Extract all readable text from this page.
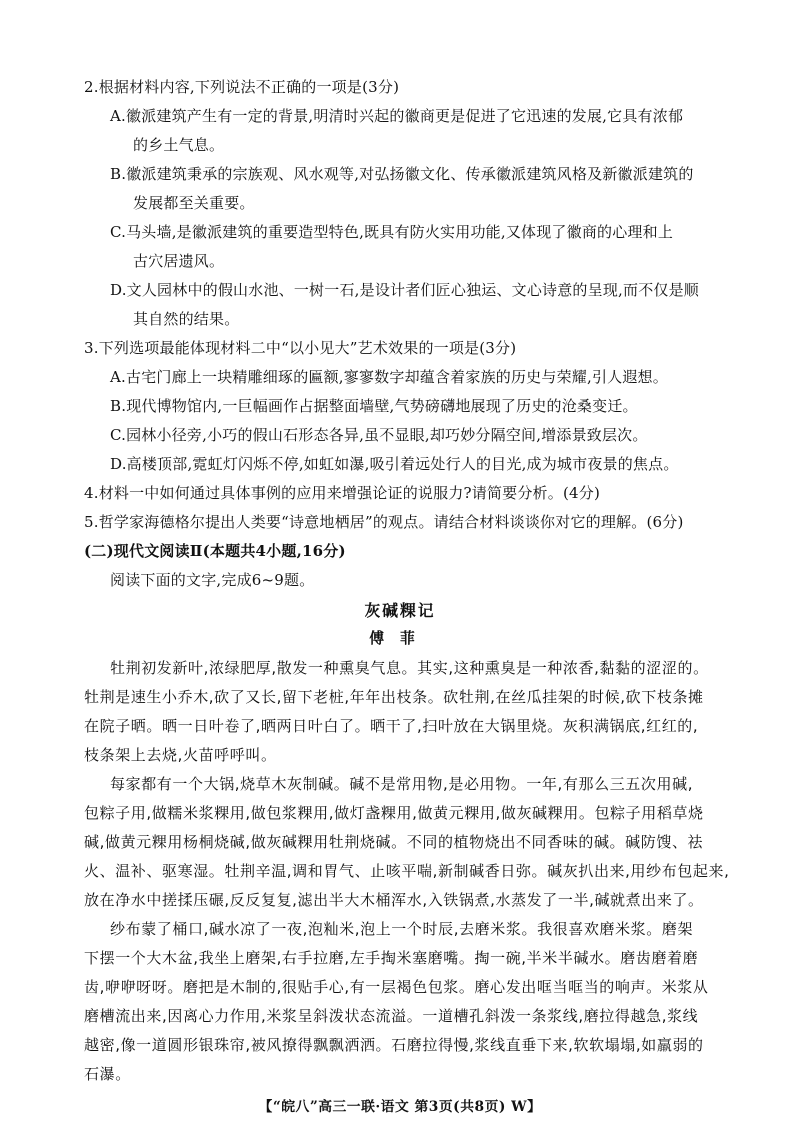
2.根据材料内容,下列说法不正确的一项是(3分)
A.徽派建筑产生有一定的背景,明清时兴起的徽商更是促进了它迅速的发展,它具有浓郁
的乡土气息。
B.徽派建筑秉承的宗族观、风水观等,对弘扬徽文化、传承徽派建筑风格及新徽派建筑的
发展都至关重要。
C.马头墙,是徽派建筑的重要造型特色,既具有防火实用功能,又体现了徽商的心理和上
古穴居遗风。
D.文人园林中的假山水池、一树一石,是设计者们匠心独运、文心诗意的呈现,而不仅是顺
其自然的结果。
3.下列选项最能体现材料二中“以小见大”艺术效果的一项是(3分)
A.古宅门廊上一块精雕细琢的匾额,寥寥数字却蕴含着家族的历史与荣耀,引人遐想。
B.现代博物馆内,一巨幅画作占据整面墙壁,气势磅礴地展现了历史的沧桑变迁。
C.园林小径旁,小巧的假山石形态各异,虽不显眼,却巧妙分隔空间,增添景致层次。
D.高楼顶部,霓虹灯闪烁不停,如虹如瀑,吸引着远处行人的目光,成为城市夜景的焦点。
4.材料一中如何通过具体事例的应用来增强论证的说服力?请简要分析。(4分)
5.哲学家海德格尔提出人类要“诗意地栖居”的观点。请结合材料谈谈你对它的理解。(6分)
(二)现代文阅读Ⅱ(本题共4小题,16分)
阅读下面的文字,完成6~9题。
灰碱粿记
傅菲
牡荆初发新叶,浓绿肥厚,散发一种熏臭气息。其实,这种熏臭是一种浓香,黏黏的涩涩的。
牡荆是速生小乔木,砍了又长,留下老桩,年年出枝条。砍牡荆,在丝瓜挂架的时候,砍下枝条摊
在院子晒。晒一日叶卷了,晒两日叶白了。晒干了,扫叶放在大锅里烧。灰积满锅底,红红的,
枝条架上去烧,火苗呼呼叫。
每家都有一个大锅,烧草木灰制碱。碱不是常用物,是必用物。一年,有那么三五次用碱,
包粽子用,做糯米浆粿用,做包浆粿用,做灯盏粿用,做黄元粿用,做灰碱粿用。包粽子用稻草烧
碱,做黄元粿用杨桐烧碱,做灰碱粿用牡荆烧碱。不同的植物烧出不同香味的碱。碱防馊、祛
火、温补、驱寒湿。牡荆辛温,调和胃气、止咳平喘,新制碱香日弥。碱灰扒出来,用纱布包起来,
放在净水中搓揉压碾,反反复复,滤出半大木桶浑水,入铁锅煮,水蒸发了一半,碱就煮出来了。
纱布蒙了桶口,碱水凉了一夜,泡籼米,泡上一个时辰,去磨米浆。我很喜欢磨米浆。磨架
下摆一个大木盆,我坐上磨架,右手拉磨,左手掏米塞磨嘴。掏一碗,半米半碱水。磨齿磨着磨
齿,咿咿呀呀。磨把是木制的,很贴手心,有一层褐色包浆。磨心发出哐当哐当的响声。米浆从
磨槽流出来,因离心力作用,米浆呈斜泼状态流溢。一道槽孔斜泼一条浆线,磨拉得越急,浆线
越密,像一道圆形银珠帘,被风撩得飘飘洒洒。石磨拉得慢,浆线直垂下来,软软塌塌,如羸弱的
石瀑。
【“皖八”高三一联·语文 第3页(共8页) W】
